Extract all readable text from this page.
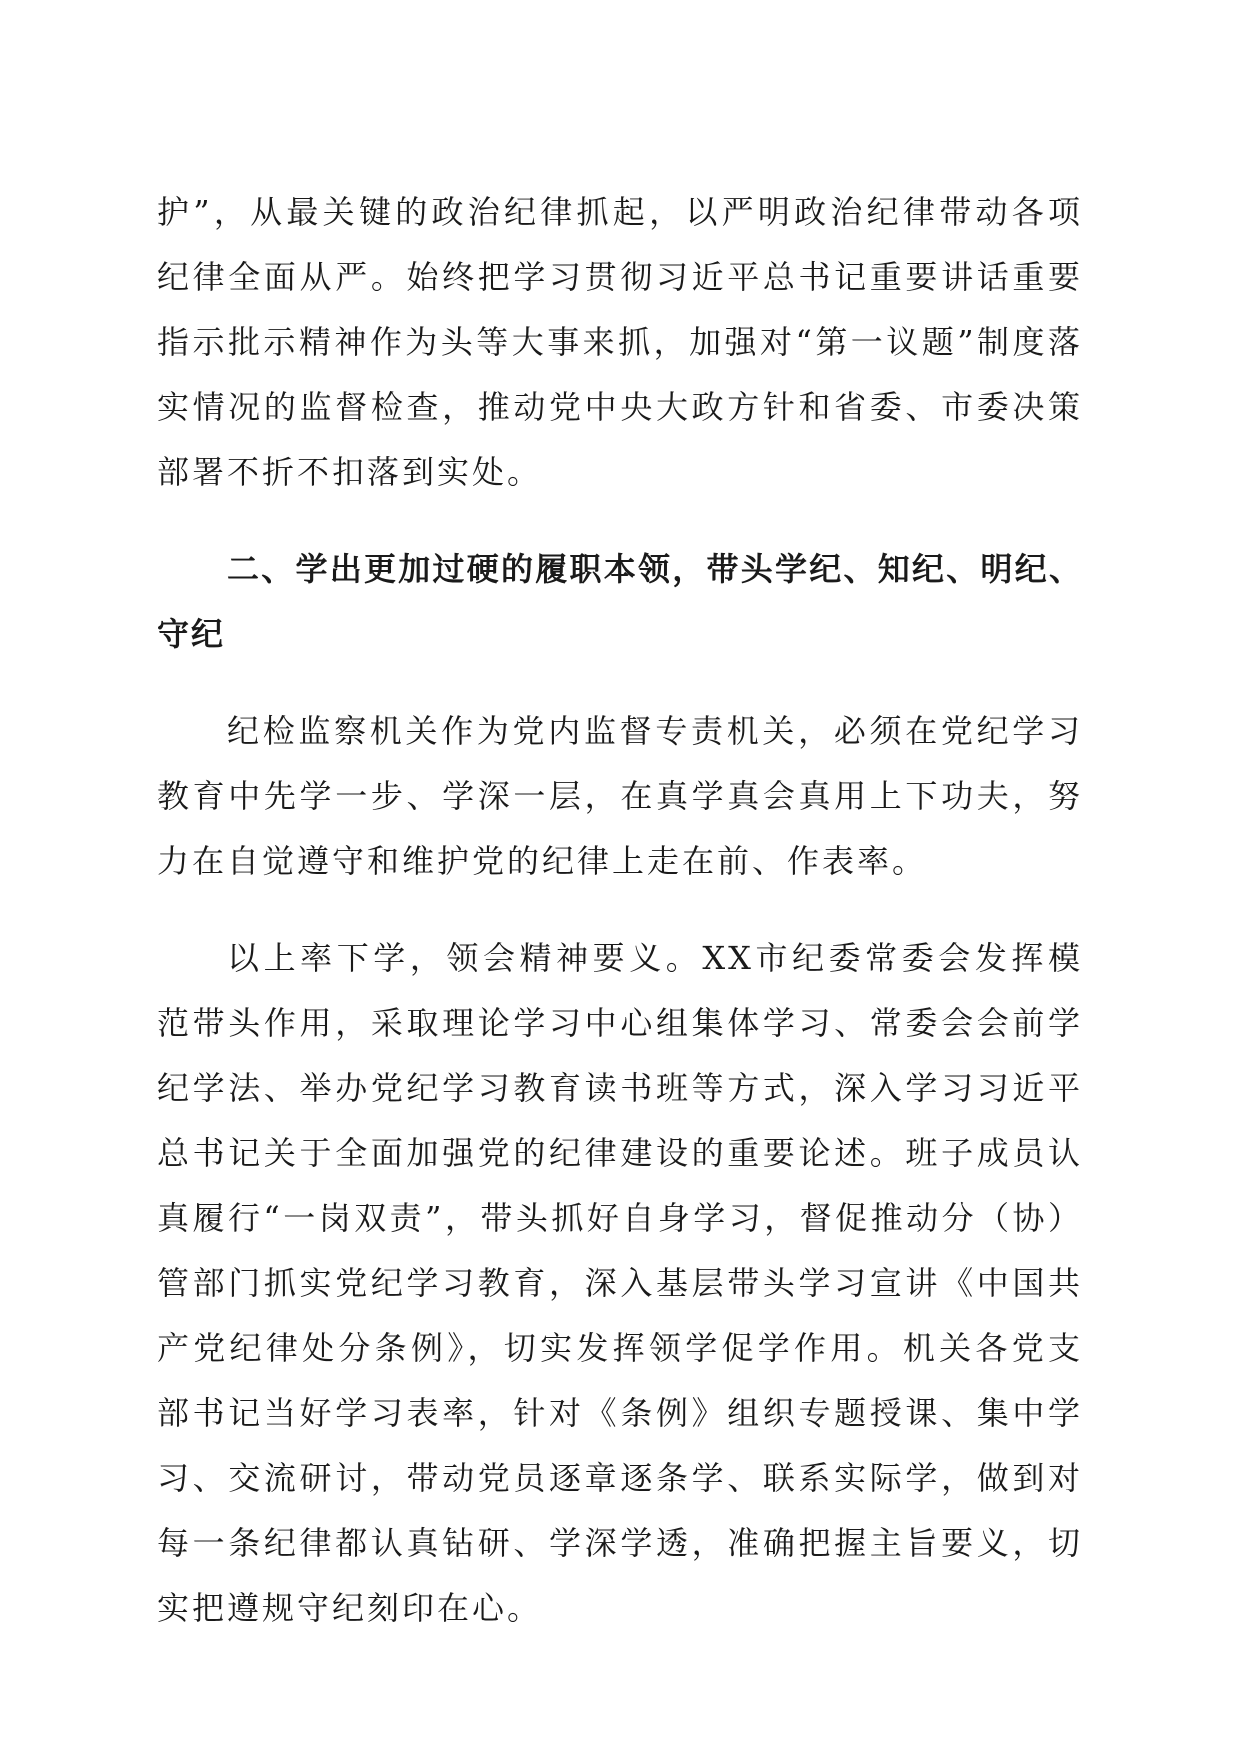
护”，从最关键的政治纪律抓起，以严明政治纪律带动各项纪律全面从严。始终把学习贯彻习近平总书记重要讲话重要指示批示精神作为头等大事来抓，加强对“第一议题”制度落实情况的监督检查，推动党中央大政方针和省委、市委决策部署不折不扣落到实处。

二、学出更加过硬的履职本领，带头学纪、知纪、明纪、守纪

纪检监察机关作为党内监督专责机关，必须在党纪学习教育中先学一步、学深一层，在真学真会真用上下功夫，努力在自觉遵守和维护党的纪律上走在前、作表率。

以上率下学，领会精神要义。XX市纪委常委会发挥模范带头作用，采取理论学习中心组集体学习、常委会会前学纪学法、举办党纪学习教育读书班等方式，深入学习习近平总书记关于全面加强党的纪律建设的重要论述。班子成员认真履行“一岗双责”，带头抓好自身学习，督促推动分（协）管部门抓实党纪学习教育，深入基层带头学习宣讲《中国共产党纪律处分条例》，切实发挥领学促学作用。机关各党支部书记当好学习表率，针对《条例》组织专题授课、集中学习、交流研讨，带动党员逐章逐条学、联系实际学，做到对每一条纪律都认真钻研、学深学透，准确把握主旨要义，切实把遵规守纪刻印在心。
